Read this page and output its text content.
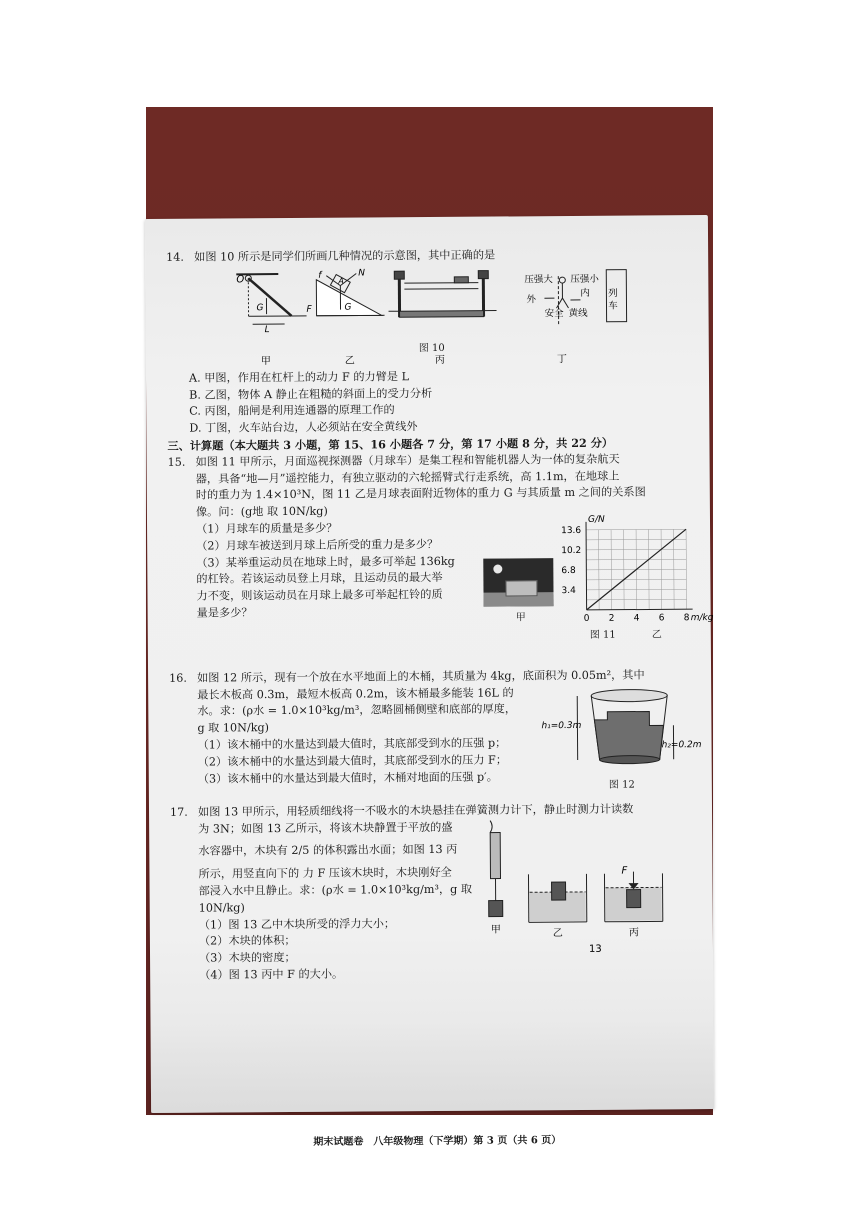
14. 如图 10 所示是同学们所画几种情况的示意图，其中正确的是
O
G	F
L
甲
f
A
N
G
乙	丙
压强大
外
压强小
内
安全 黄线
列 车
丁
图 10
A. 甲图，作用在杠杆上的动力 F 的力臂是 L
B. 乙图，物体 A 静止在粗糙的斜面上的受力分析
C. 丙图，船闸是利用连通器的原理工作的
D. 丁图，火车站台边，人必须站在安全黄线外
三、计算题（本大题共 3 小题，第 15、16 小题各 7 分，第 17 小题 8 分，共 22 分）
15. 如图 11 甲所示，月面巡视探测器（月球车）是集工程和智能机器人为一体的复杂航天
器，具备“地—月”遥控能力，有独立驱动的六轮摇臂式行走系统，高 1.1m，在地球上
时的重力为 1.4×10³N，图 11 乙是月球表面附近物体的重力 G 与其质量 m 之间的关系图
像。问：(g地 取 10N/kg)
（1）月球车的质量是多少？
（2）月球车被送到月球上后所受的重力是多少？
（3）某举重运动员在地球上时，最多可举起 136kg
的杠铃。若该运动员登上月球，且运动员的最大举
力不变，则该运动员在月球上最多可举起杠铃的质
量是多少？	甲	0 2 4 6 8
3.4
6.8
10.2
13.6
G/N
m/kg
图 11	乙
16. 如图 12 所示，现有一个放在水平地面上的木桶，其质量为 4kg，底面积为 0.05m²，其中
最长木板高 0.3m，最短木板高 0.2m，该木桶最多能装 16L 的
水。求：(ρ水 = 1.0×10³kg/m³，忽略圆桶侧壁和底部的厚度，
g 取 10N/kg)
（1）该木桶中的水量达到最大值时，其底部受到水的压强 p；
（2）该木桶中的水量达到最大值时，其底部受到水的压力 F；
（3）该木桶中的水量达到最大值时，木桶对地面的压强 p′。
h₁=0.3m
h₂=0.2m
图 12
17. 如图 13 甲所示，用轻质细线将一不吸水的木块悬挂在弹簧测力计下，静止时测力计读数
为 3N；如图 13 乙所示，将该木块静置于平放的盛
水容器中，木块有 2/5 的体积露出水面；如图 13 丙
所示，用竖直向下的 力 F 压该木块时，木块刚好全
部浸入水中且静止。求：(ρ水 = 1.0×10³kg/m³，g 取
10N/kg)
（1）图 13 乙中木块所受的浮力大小；
（2）木块的体积；
（3）木块的密度；
（4）图 13 丙中 F 的大小。
甲	乙
F
丙
13
期末试题卷　八年级物理（下学期）第 3 页（共 6 页）
